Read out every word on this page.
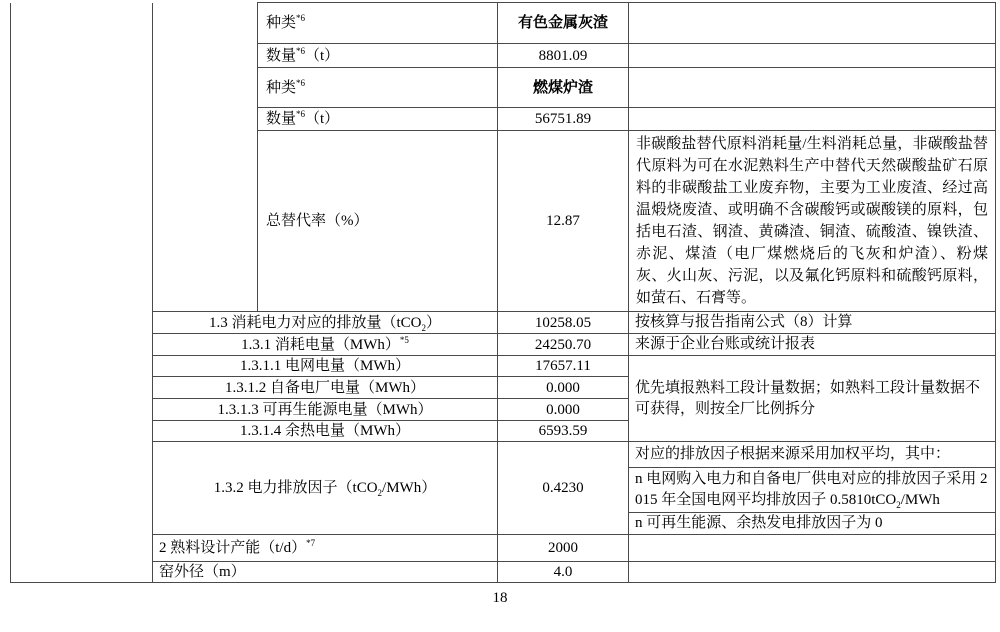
		种类$^{*6}$	有色金属灰渣	
		数量$^{*6}$（t）	8801.09	
		种类$^{*6}$	燃煤炉渣	
		数量$^{*6}$（t）	56751.89	
		总替代率（%）	12.87	非碳酸盐替代原料消耗量/生料消耗总量，非碳酸盐替代原料为可在水泥熟料生产中替代天然碳酸盐矿石原料的非碳酸盐工业废弃物，主要为工业废渣、经过高温煅烧废渣、或明确不含碳酸钙或碳酸镁的原料，包括电石渣、钢渣、黄磷渣、铜渣、硫酸渣、镍铁渣、赤泥、煤渣（电厂煤燃烧后的飞灰和炉渣）、粉煤灰、火山灰、污泥，以及氟化钙原料和硫酸钙原料，如萤石、石膏等。
	1.3 消耗电力对应的排放量（tCO$_2$）		10258.05	按核算与报告指南公式（8）计算
	1.3.1 消耗电量（MWh）$^{*5}$		24250.70	来源于企业台账或统计报表
	1.3.1.1 电网电量（MWh）		17657.11	优先填报熟料工段计量数据；如熟料工段计量数据不可获得，则按全厂比例拆分
	1.3.1.2 自备电厂电量（MWh）		0.000	
	1.3.1.3 可再生能源电量（MWh）		0.000	
	1.3.1.4 余热电量（MWh）		6593.59	
	1.3.2 电力排放因子（tCO$_2$/MWh）		0.4230	对应的排放因子根据来源采用加权平均，其中：
				n 电网购入电力和自备电厂供电对应的排放因子采用 2015 年全国电网平均排放因子 0.5810tCO$_2$/MWh
				n 可再生能源、余热发电排放因子为 0
	2 熟料设计产能$(t/d)^{*7}$		2000	
	窑外径（m）		4.0	
18
